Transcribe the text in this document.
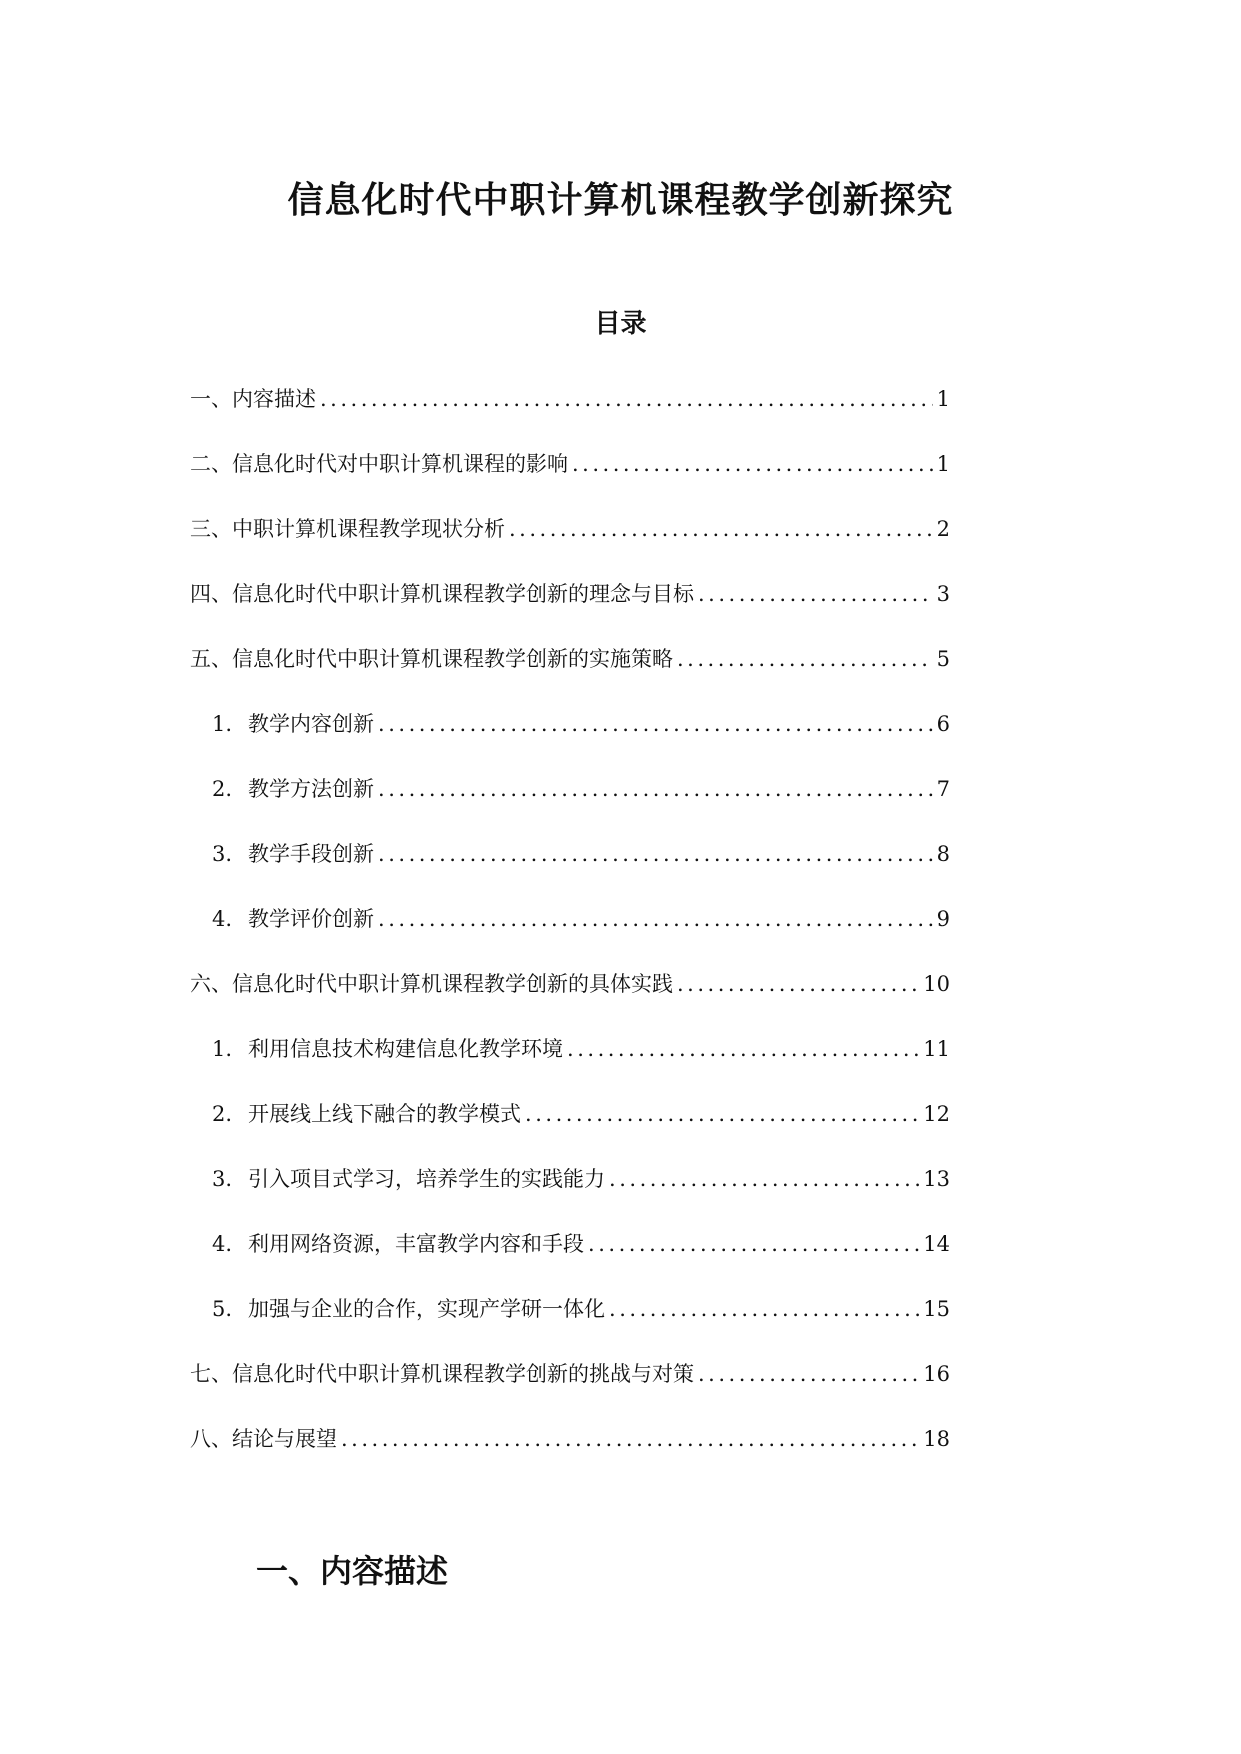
信息化时代中职计算机课程教学创新探究
目录
一、内容描述 .....	1
二、信息化时代对中职计算机课程的影响 .....	1
三、中职计算机课程教学现状分析 .....	2
四、信息化时代中职计算机课程教学创新的理念与目标 .....	3
五、信息化时代中职计算机课程教学创新的实施策略 .....	5
1. 教学内容创新 .....	6
2. 教学方法创新 .....	7
3. 教学手段创新 .....	8
4. 教学评价创新 .....	9
六、信息化时代中职计算机课程教学创新的具体实践 .....	10
1. 利用信息技术构建信息化教学环境 .....	11
2. 开展线上线下融合的教学模式 .....	12
3. 引入项目式学习，培养学生的实践能力 .....	13
4. 利用网络资源，丰富教学内容和手段 .....	14
5. 加强与企业的合作，实现产学研一体化 .....	15
七、信息化时代中职计算机课程教学创新的挑战与对策 .....	16
八、结论与展望 .....	18
一、内容描述
